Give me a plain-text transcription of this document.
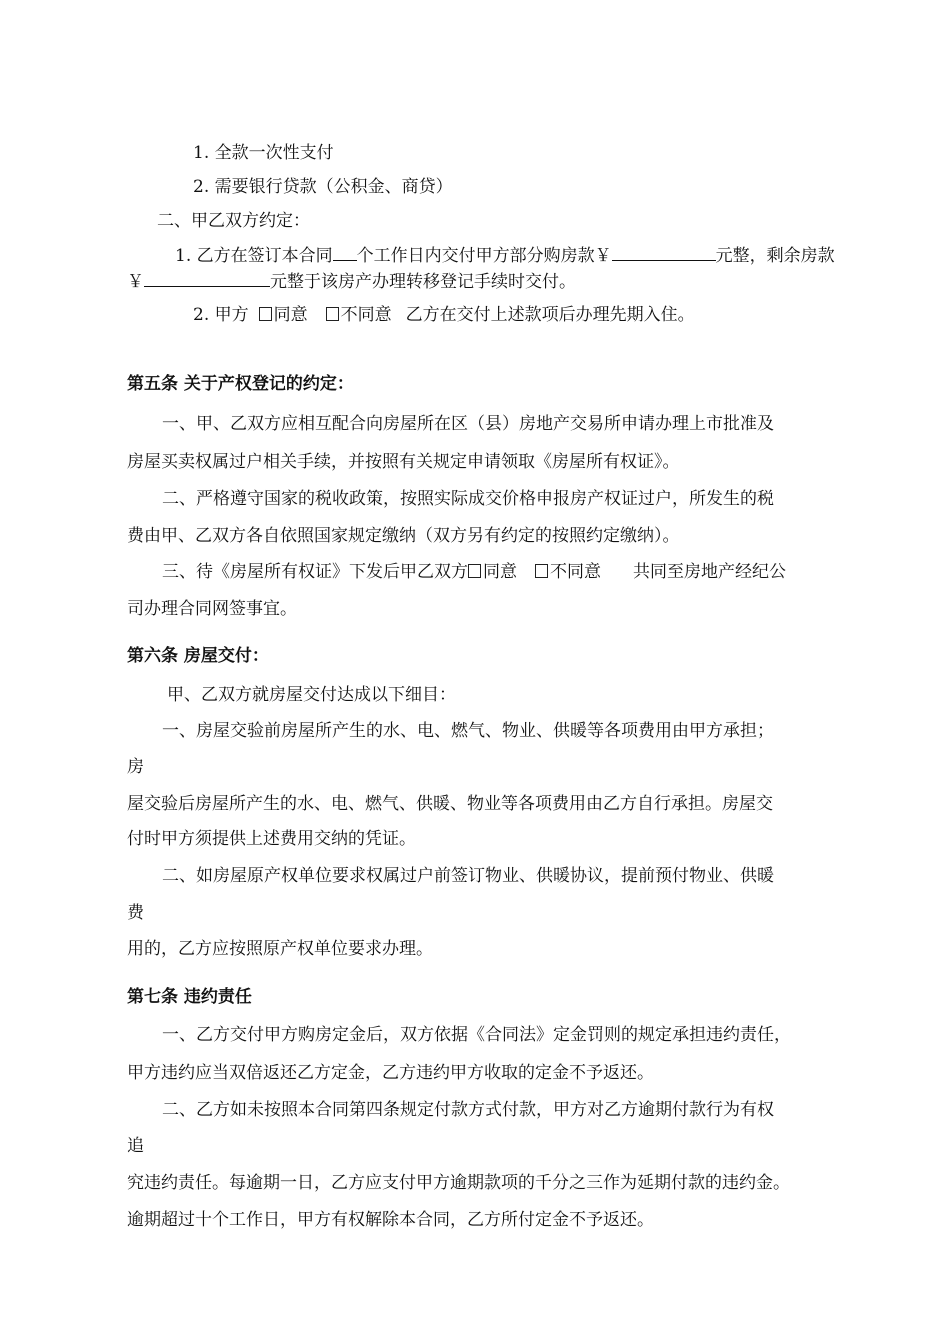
1. 全款一次性支付
2. 需要银行贷款（公积金、商贷）
二、甲乙双方约定：
1. 乙方在签订本合同 个工作日内交付甲方部分购房款￥	元整，剩余房款
￥	元整于该房产办理转移登记手续时交付。
2. 甲方 同意 不同意 乙方在交付上述款项后办理先期入住。
第五条 关于产权登记的约定：
一、甲、乙双方应相互配合向房屋所在区（县）房地产交易所申请办理上市批准及
房屋买卖权属过户相关手续，并按照有关规定申请领取《房屋所有权证》。
二、严格遵守国家的税收政策，按照实际成交价格申报房产权证过户，所发生的税
费由甲、乙双方各自依照国家规定缴纳（双方另有约定的按照约定缴纳）。
三、待《房屋所有权证》下发后甲乙双方 同意 不同意 共同至房地产经纪公
司办理合同网签事宜。
第六条 房屋交付：
甲、乙双方就房屋交付达成以下细目：
一、房屋交验前房屋所产生的水、电、燃气、物业、供暖等各项费用由甲方承担；
房
屋交验后房屋所产生的水、电、燃气、供暖、物业等各项费用由乙方自行承担。房屋交
付时甲方须提供上述费用交纳的凭证。
二、如房屋原产权单位要求权属过户前签订物业、供暖协议，提前预付物业、供暖
费
用的，乙方应按照原产权单位要求办理。
第七条 违约责任
一、乙方交付甲方购房定金后，双方依据《合同法》定金罚则的规定承担违约责任，
甲方违约应当双倍返还乙方定金，乙方违约甲方收取的定金不予返还。
二、乙方如未按照本合同第四条规定付款方式付款，甲方对乙方逾期付款行为有权
追
究违约责任。每逾期一日，乙方应支付甲方逾期款项的千分之三作为延期付款的违约金。
逾期超过十个工作日，甲方有权解除本合同，乙方所付定金不予返还。
